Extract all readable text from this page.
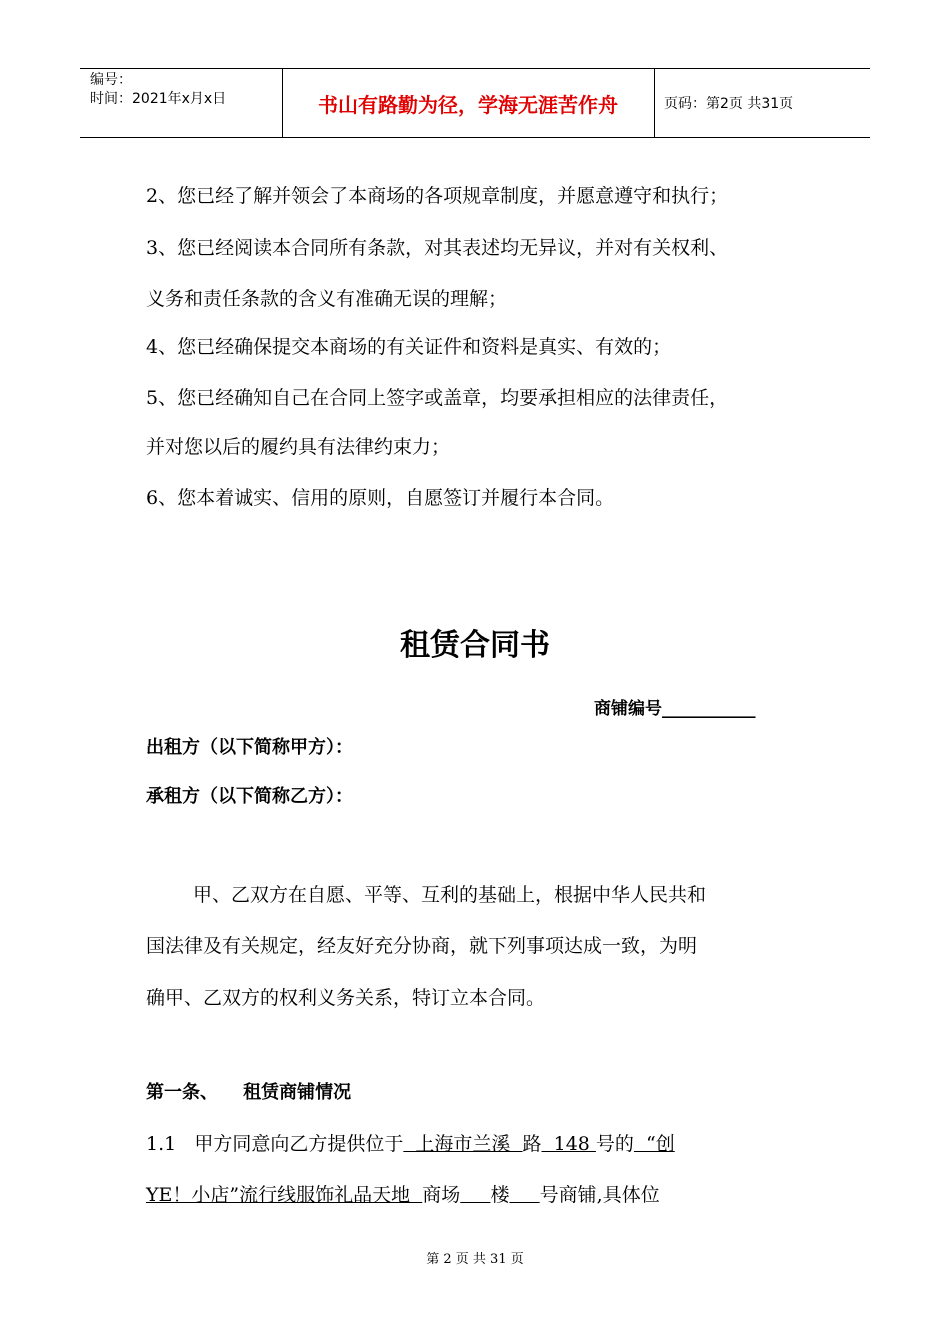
编号：
时间：2021年x月x日	书山有路勤为径，学海无涯苦作舟	页码：第2页 共31页
2、您已经了解并领会了本商场的各项规章制度，并愿意遵守和执行；
3、您已经阅读本合同所有条款，对其表述均无异议，并对有关权利、
义务和责任条款的含义有准确无误的理解；
4、您已经确保提交本商场的有关证件和资料是真实、有效的；
5、您已经确知自己在合同上签字或盖章，均要承担相应的法律责任，
并对您以后的履约具有法律约束力；
6、您本着诚实、信用的原则，自愿签订并履行本合同。
租赁合同书
商铺编号___________
出租方（以下简称甲方）：
承租方（以下简称乙方）：
甲、乙双方在自愿、平等、互利的基础上，根据中华人民共和
国法律及有关规定，经友好充分协商，就下列事项达成一致，为明
确甲、乙双方的权利义务关系，特订立本合同。
第一条、    租赁商铺情况
1.1   甲方同意向乙方提供位于  上海市兰溪  路  148 号的  “创
YE！小店”流行线服饰礼品天地  商场 楼 号商铺,具体位
第 2 页 共 31 页
